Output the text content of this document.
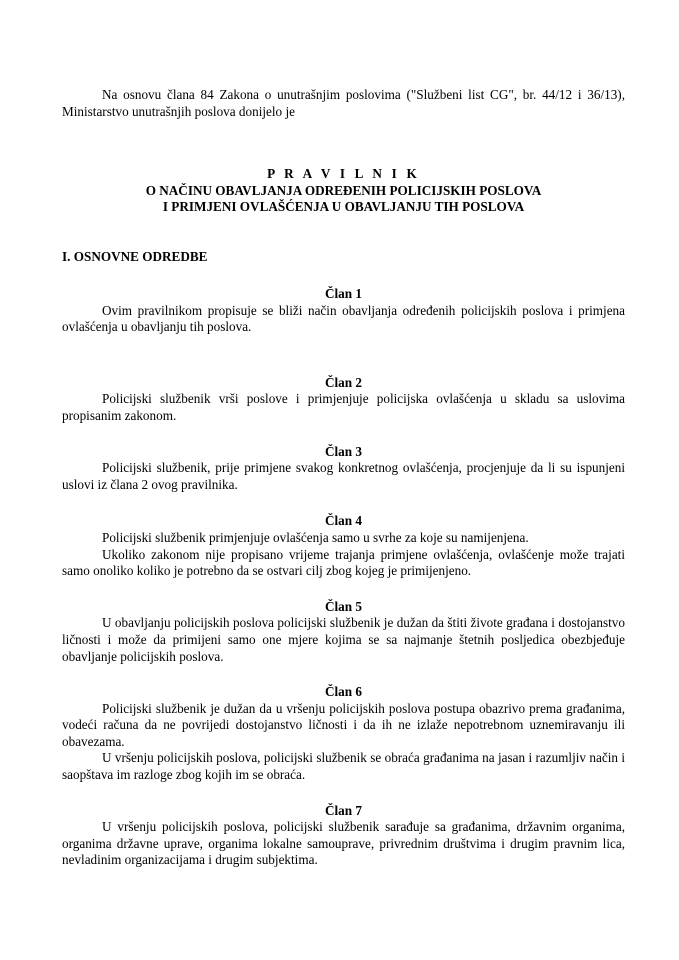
Na osnovu člana 84 Zakona o unutrašnjim poslovima ("Službeni list CG", br. 44/12 i 36/13), Ministarstvo unutrašnjih poslova donijelo je

P R A V I L N I K
O NAČINU OBAVLJANJA ODREĐENIH POLICIJSKIH POSLOVA
I PRIMJENI OVLAŠĆENJA U OBAVLJANJU TIH POSLOVA
I. OSNOVNE ODREDBE

Član 1

Ovim pravilnikom propisuje se bliži način obavljanja određenih policijskih poslova i primjena ovlašćenja u obavljanju tih poslova.

Član 2

Policijski službenik vrši poslove i primjenjuje policijska ovlašćenja u skladu sa uslovima propisanim zakonom.

Član 3

Policijski službenik, prije primjene svakog konkretnog ovlašćenja, procjenjuje da li su ispunjeni uslovi iz člana 2 ovog pravilnika.

Član 4

Policijski službenik primjenjuje ovlašćenja samo u svrhe za koje su namijenjena.

Ukoliko zakonom nije propisano vrijeme trajanja primjene ovlašćenja, ovlašćenje može trajati samo onoliko koliko je potrebno da se ostvari cilj zbog kojeg je primijenjeno.

Član 5

U obavljanju policijskih poslova policijski službenik je dužan da štiti živote građana i dostojanstvo ličnosti i može da primijeni samo one mjere kojima se sa najmanje štetnih posljedica obezbjeđuje obavljanje policijskih poslova.

Član 6

Policijski službenik je dužan da u vršenju policijskih poslova postupa obazrivo prema građanima, vodeći računa da ne povrijedi dostojanstvo ličnosti i da ih ne izlaže nepotrebnom uznemiravanju ili obavezama.

U vršenju policijskih poslova, policijski službenik se obraća građanima na jasan i razumljiv način i saopštava im razloge zbog kojih im se obraća.

Član 7

U vršenju policijskih poslova, policijski službenik sarađuje sa građanima, državnim organima, organima državne uprave, organima lokalne samouprave, privrednim društvima i drugim pravnim lica, nevladinim organizacijama i drugim subjektima.
